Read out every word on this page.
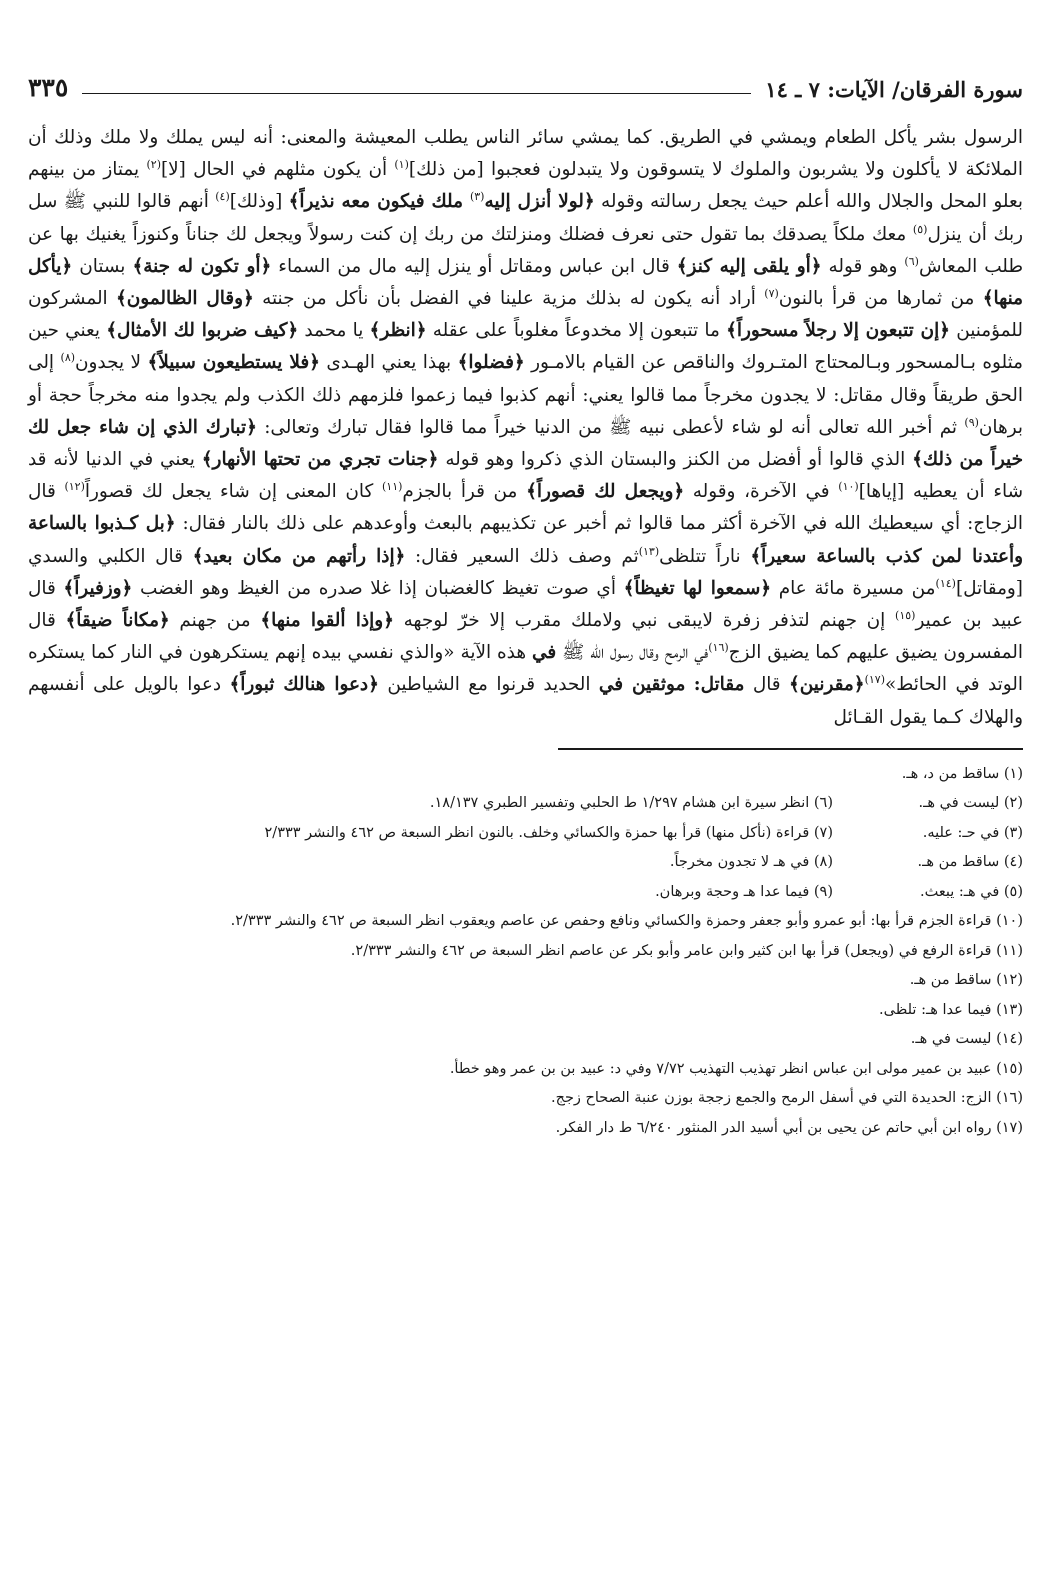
سورة الفرقان/ الآيات: ٧ ـ ١٤
٣٣٥

الرسول بشر يأكل الطعام ويمشي في الطريق. كما يمشي سائر الناس يطلب المعيشة والمعنى: أنه ليس يملك ولا ملك وذلك أن الملائكة لا يأكلون ولا يشربون والملوك لا يتسوقون ولا يتبدلون فعجبوا [من ذلك]$^{(١)}$ أن يكون مثلهم في الحال [لا]$^{(٢)}$ يمتاز من بينهم بعلو المحل والجلال والله أعلم حيث يجعل رسالته وقوله ﴿لولا أنزل إليه$^{(٣)}$ ملك فيكون معه نذيراً﴾ [وذلك]$^{(٤)}$ أنهم قالوا للنبي ﷺ سل ربك أن ينزل$^{(٥)}$ معك ملكاً يصدقك بما تقول حتى نعرف فضلك ومنزلتك من ربك إن كنت رسولاً ويجعل لك جناناً وكنوزاً يغنيك بها عن طلب المعاش$^{(٦)}$ وهو قوله ﴿أو يلقى إليه كنز﴾ قال ابن عباس ومقاتل أو ينزل إليه مال من السماء ﴿أو تكون له جنة﴾ بستان ﴿يأكل منها﴾ من ثمارها من قرأ بالنون$^{(٧)}$ أراد أنه يكون له بذلك مزية علينا في الفضل بأن نأكل من جنته ﴿وقال الظالمون﴾ المشركون للمؤمنين ﴿إن تتبعون إلا رجلاً مسحوراً﴾ ما تتبعون إلا مخدوعاً مغلوباً على عقله ﴿انظر﴾ يا محمد ﴿كيف ضربوا لك الأمثال﴾ يعني حين مثلوه بـالمسحور وبـالمحتاج المتـروك والناقص عن القيام بالامـور ﴿فضلوا﴾ بهذا يعني الهـدى ﴿فلا يستطيعون سبيلاً﴾ لا يجدون$^{(٨)}$ إلى الحق طريقاً وقال مقاتل: لا يجدون مخرجاً مما قالوا يعني: أنهم كذبوا فيما زعموا فلزمهم ذلك الكذب ولم يجدوا منه مخرجاً حجة أو برهان$^{(٩)}$ ثم أخبر الله تعالى أنه لو شاء لأعطى نبيه ﷺ من الدنيا خيراً مما قالوا فقال تبارك وتعالى: ﴿تبارك الذي إن شاء جعل لك خيراً من ذلك﴾ الذي قالوا أو أفضل من الكنز والبستان الذي ذكروا وهو قوله ﴿جنات تجري من تحتها الأنهار﴾ يعني في الدنيا لأنه قد شاء أن يعطيه [إياها]$^{(١٠)}$ في الآخرة، وقوله ﴿ويجعل لك قصوراً﴾ من قرأ بالجزم$^{(١١)}$ كان المعنى إن شاء يجعل لك قصوراً$^{(١٢)}$ قال الزجاج: أي سيعطيك الله في الآخرة أكثر مما قالوا ثم أخبر عن تكذيبهم بالبعث وأوعدهم على ذلك بالنار فقال: ﴿بل كـذبوا بالساعة وأعتدنا لمن كذب بالساعة سعيراً﴾ ناراً تتلظى$^{(١٣)}$ثم وصف ذلك السعير فقال: ﴿إذا رأتهم من مكان بعيد﴾ قال الكلبي والسدي [ومقاتل]$^{(١٤)}$من مسيرة مائة عام ﴿سمعوا لها تغيظاً﴾ أي صوت تغيظ كالغضبان إذا غلا صدره من الغيظ وهو الغضب ﴿وزفيراً﴾ قال عبيد بن عمير$^{(١٥)}$ إن جهنم لتذفر زفرة لايبقى نبي ولاملك مقرب إلا خرّ لوجهه ﴿وإذا ألقوا منها﴾ من جهنم ﴿مكاناً ضيقاً﴾ قال المفسرون يضيق عليهم كما يضيق الزج$^{(١٦)}$في الرمح وقال رسول الله ﷺ في هذه الآية «والذي نفسي بيده إنهم يستكرهون في النار كما يستكره الوتد في الحائط»$^{(١٧)}$﴿مقرنين﴾ قال مقاتل: موثقين في الحديد قرنوا مع الشياطين ﴿دعوا هنالك ثبوراً﴾ دعوا بالويل على أنفسهم والهلاك كـما يقول القـائل

(١) ساقط من د، هـ.
(٢) ليست في هـ.
(٦) انظر سيرة ابن هشام ١/٢٩٧ ط الحلبي وتفسير الطبري ١٨/١٣٧.
(٣) في حـ: عليه.
(٧) قراءة (نأكل منها) قرأ بها حمزة والكسائي وخلف. بالنون انظر السبعة ص ٤٦٢ والنشر ٢/٣٣٣
(٤) ساقط من هـ.
(٨) في هـ لا تجدون مخرجاً.
(٥) في هـ: يبعث.
(٩) فيما عدا هـ وحجة وبرهان.
(١٠) قراءة الجزم قرأ بها: أبو عمرو وأبو جعفر وحمزة والكسائي ونافع وحفص عن عاصم ويعقوب انظر السبعة ص ٤٦٢ والنشر ٢/٣٣٣.
(١١) قراءة الرفع في (ويجعل) قرأ بها ابن كثير وابن عامر وأبو بكر عن عاصم انظر السبعة ص ٤٦٢ والنشر ٢/٣٣٣.
(١٢) ساقط من هـ.
(١٣) فيما عدا هـ: تلظى.
(١٤) ليست في هـ.
(١٥) عبيد بن عمير مولى ابن عباس انظر تهذيب التهذيب ٧/٧٢ وفي د: عبيد بن بن عمر وهو خطأ.
(١٦) الزج: الحديدة التي في أسفل الرمح والجمع زججة بوزن عنبة الصحاح زجج.
(١٧) رواه ابن أبي حاتم عن يحيى بن أبي أسيد الدر المنثور ٦/٢٤٠ ط دار الفكر.
